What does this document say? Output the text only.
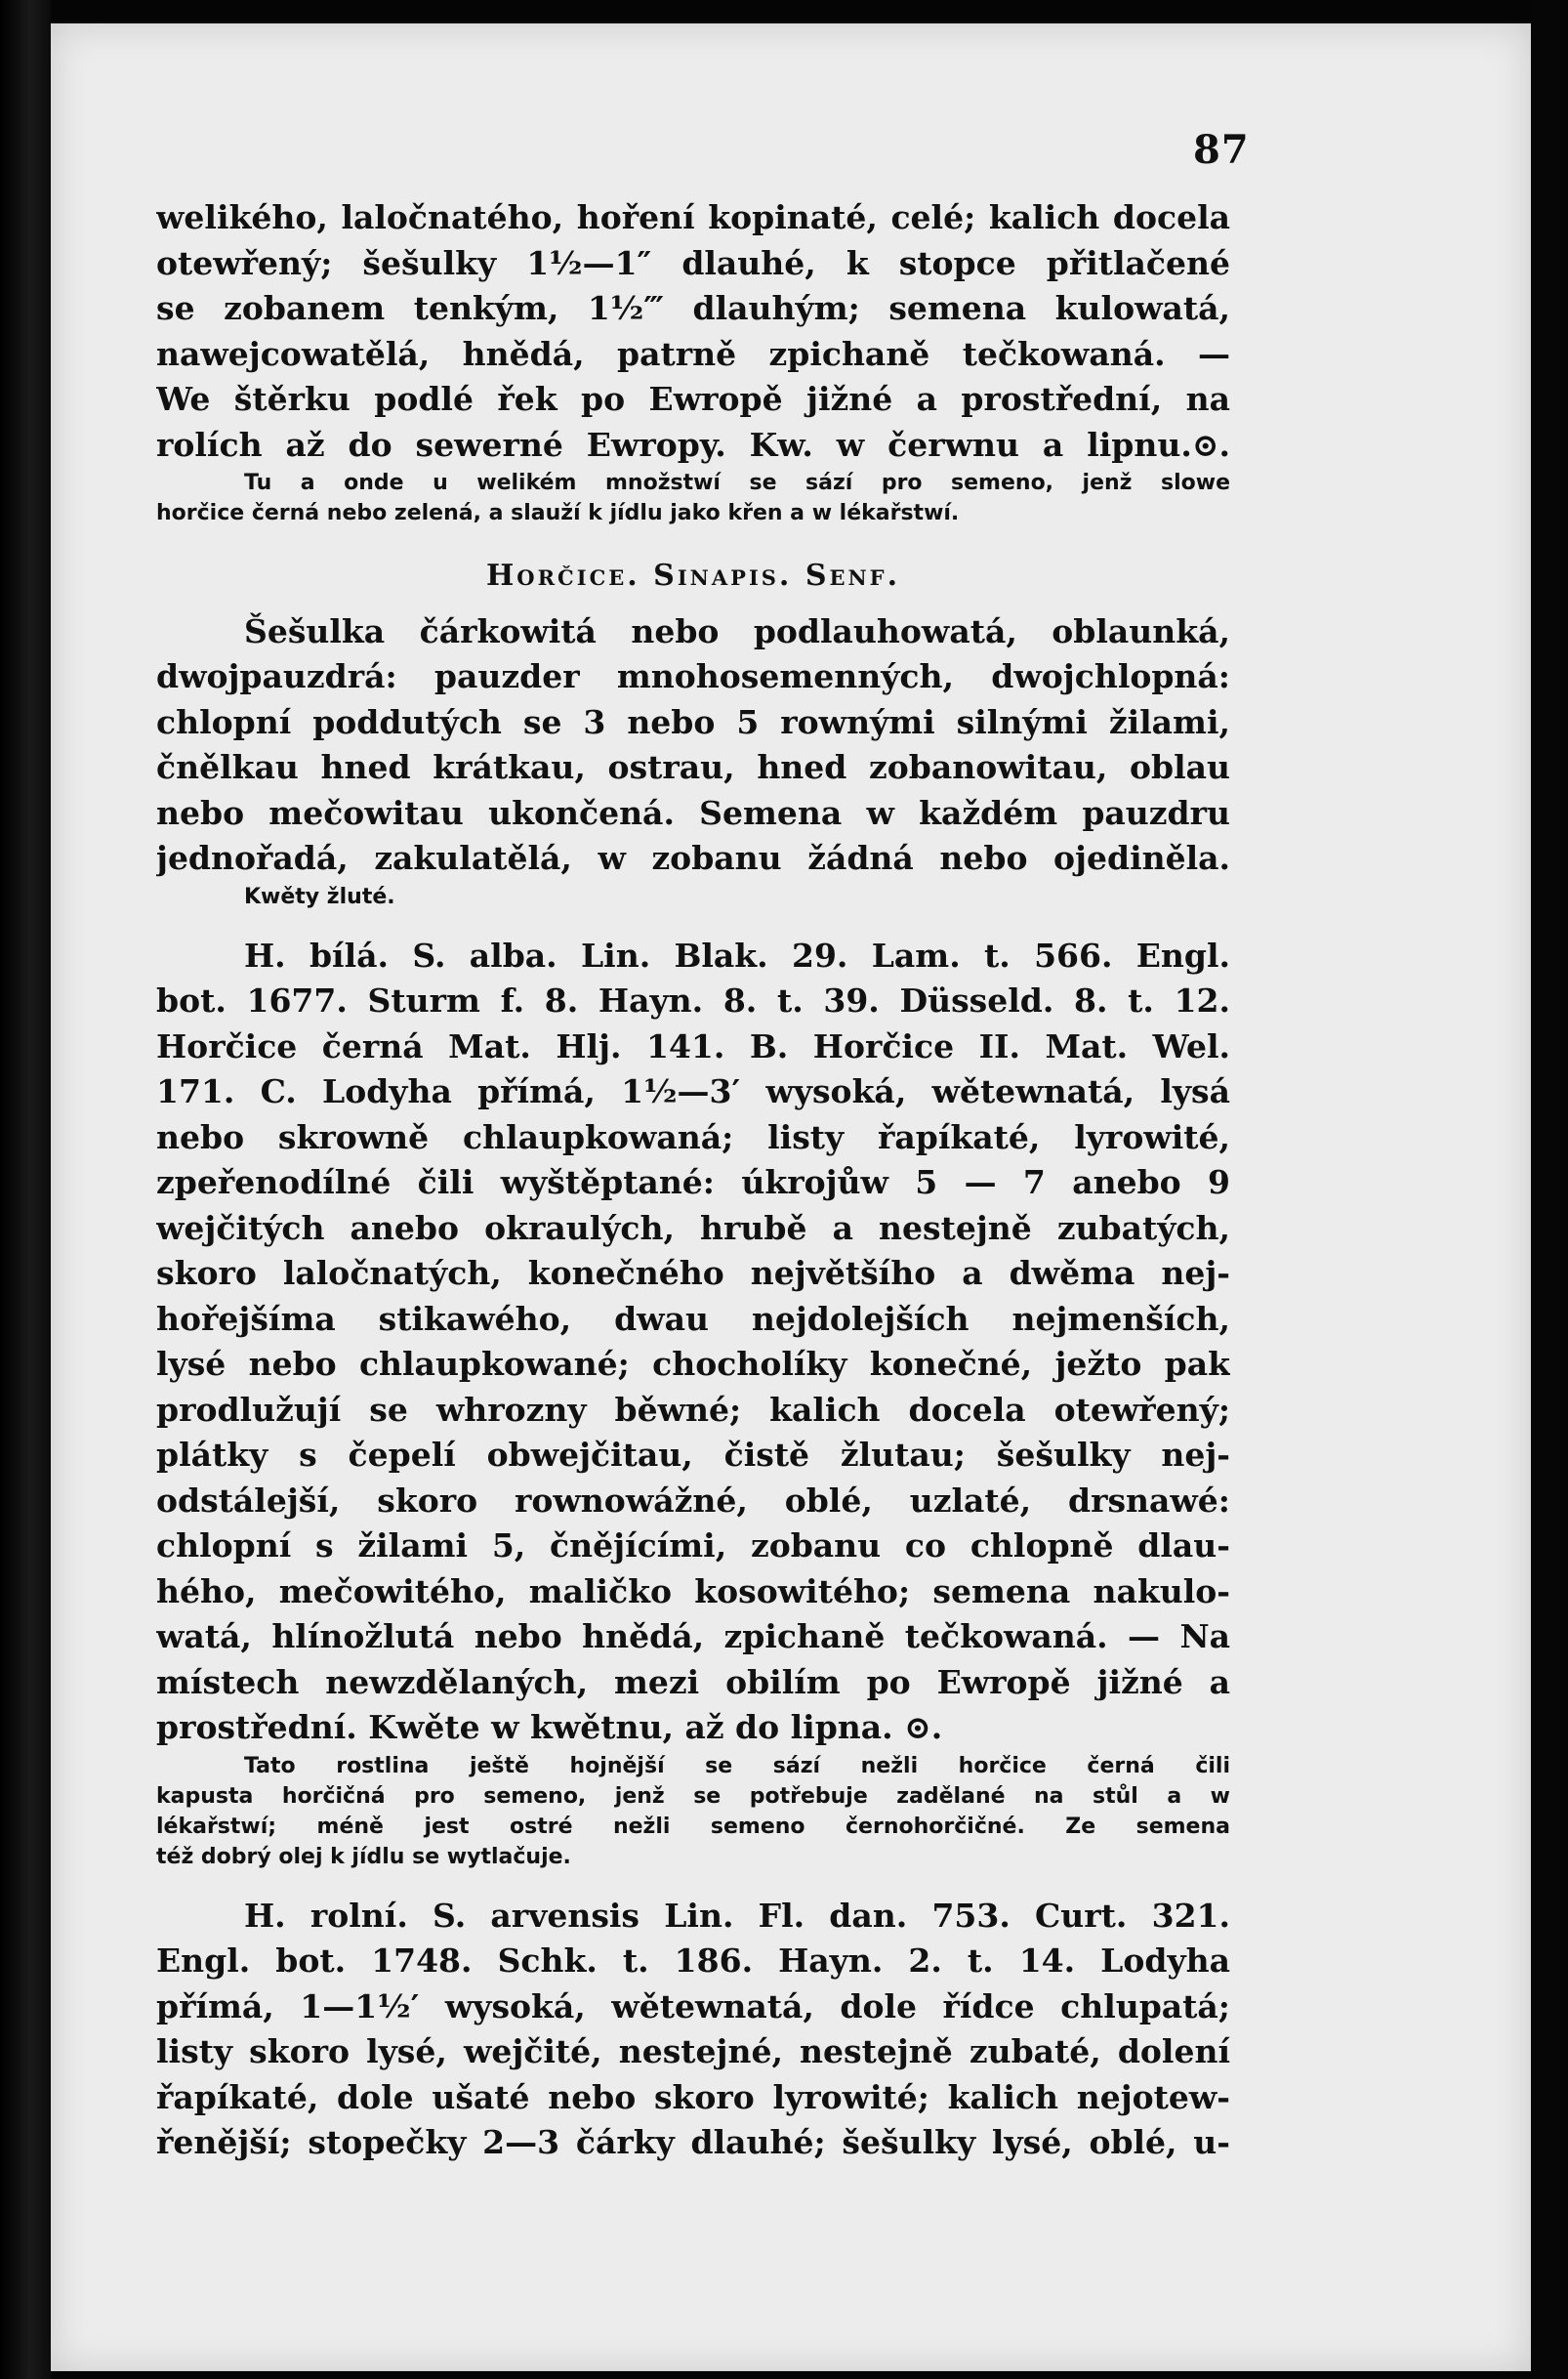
87
welikého, laločnatého, hoření kopinaté, celé; kalich docela
otewřený; šešulky 1½—1″ dlauhé, k stopce přitlačené
se zobanem tenkým, 1½‴ dlauhým; semena kulowatá,
nawejcowatělá, hnědá, patrně zpichaně tečkowaná. —
We štěrku podlé řek po Ewropě jižné a prostřední, na
rolích až do sewerné Ewropy. Kw. w čerwnu a lipnu.⊙.
Tu a onde u welikém množstwí se sází pro semeno, jenž slowe
horčice černá nebo zelená, a slauží k jídlu jako křen a w lékařstwí.
Horčice. Sinapis. Senf.
Šešulka čárkowitá nebo podlauhowatá, oblaunká,
dwojpauzdrá: pauzder mnohosemenných, dwojchlopná:
chlopní poddutých se 3 nebo 5 rownými silnými žilami,
čnělkau hned krátkau, ostrau, hned zobanowitau, oblau
nebo mečowitau ukončená. Semena w každém pauzdru
jednořadá, zakulatělá, w zobanu žádná nebo ojediněla.
Kwěty žluté.
H. bílá. S. alba. Lin. Blak. 29. Lam. t. 566. Engl.
bot. 1677. Sturm f. 8. Hayn. 8. t. 39. Düsseld. 8. t. 12.
Horčice černá Mat. Hlj. 141. B. Horčice II. Mat. Wel.
171. C. Lodyha přímá, 1½—3′ wysoká, wětewnatá, lysá
nebo skrowně chlaupkowaná; listy řapíkaté, lyrowité,
zpeřenodílné čili wyštěptané: úkrojůw 5 — 7 anebo 9
wejčitých anebo okraulých, hrubě a nestejně zubatých,
skoro laločnatých, konečného největšího a dwěma nej-
hořejšíma stikawého, dwau nejdolejších nejmenších,
lysé nebo chlaupkowané; chocholíky konečné, ježto pak
prodlužují se whrozny běwné; kalich docela otewřený;
plátky s čepelí obwejčitau, čistě žlutau; šešulky nej-
odstálejší, skoro rownowážné, oblé, uzlaté, drsnawé:
chlopní s žilami 5, čnějícími, zobanu co chlopně dlau-
hého, mečowitého, maličko kosowitého; semena nakulo-
watá, hlínožlutá nebo hnědá, zpichaně tečkowaná. — Na
místech newzdělaných, mezi obilím po Ewropě jižné a
prostřední. Kwěte w kwětnu, až do lipna. ⊙.
Tato rostlina ještě hojnější se sází nežli horčice černá čili
kapusta horčičná pro semeno, jenž se potřebuje zadělané na stůl a w
lékařstwí; méně jest ostré nežli semeno černohorčičné. Ze semena
též dobrý olej k jídlu se wytlačuje.
H. rolní. S. arvensis Lin. Fl. dan. 753. Curt. 321.
Engl. bot. 1748. Schk. t. 186. Hayn. 2. t. 14. Lodyha
přímá, 1—1½′ wysoká, wětewnatá, dole řídce chlupatá;
listy skoro lysé, wejčité, nestejné, nestejně zubaté, dolení
řapíkaté, dole ušaté nebo skoro lyrowité; kalich nejotew-
řenější; stopečky 2—3 čárky dlauhé; šešulky lysé, oblé, u-
